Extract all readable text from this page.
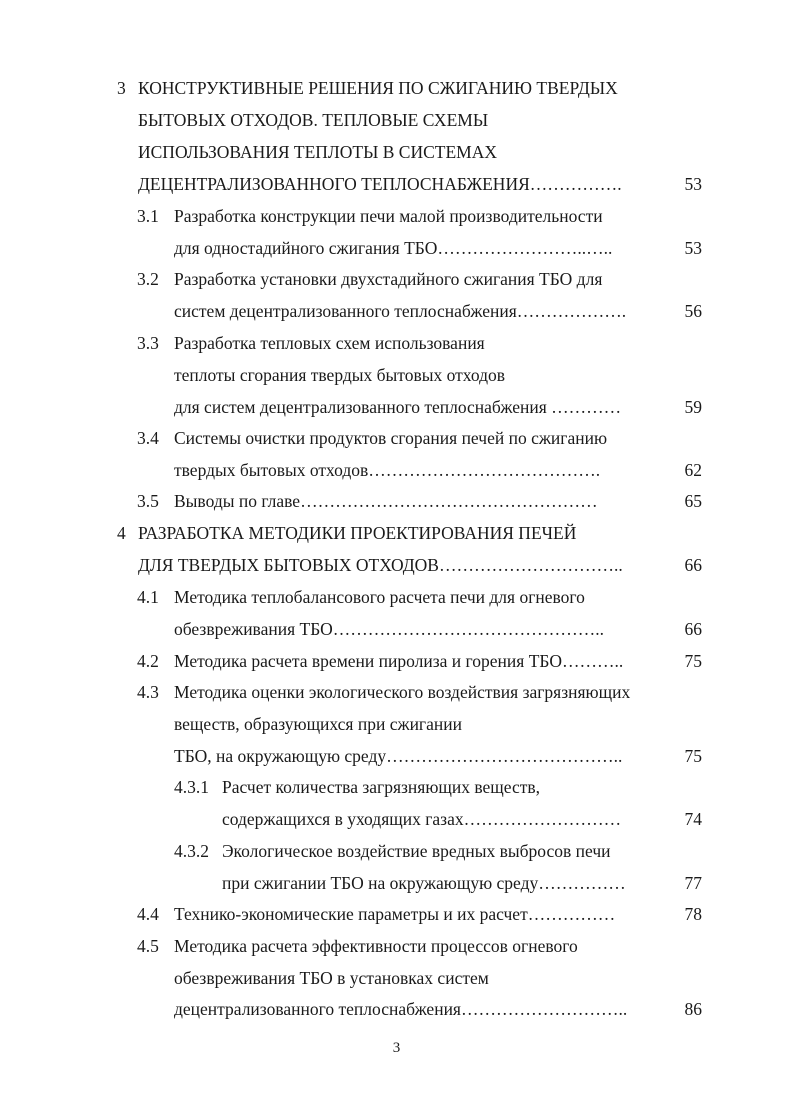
3 КОНСТРУКТИВНЫЕ РЕШЕНИЯ ПО СЖИГАНИЮ ТВЕРДЫХ
БЫТОВЫХ ОТХОДОВ. ТЕПЛОВЫЕ СХЕМЫ
ИСПОЛЬЗОВАНИЯ ТЕПЛОТЫ В СИСТЕМАХ
ДЕЦЕНТРАЛИЗОВАННОГО ТЕПЛОСНАБЖЕНИЯ…………….	53
3.1 Разработка конструкции печи малой производительности
для одностадийного сжигания ТБО……………………..…..	53
3.2 Разработка установки двухстадийного сжигания ТБО для
систем децентрализованного теплоснабжения……………….	56
3.3 Разработка тепловых схем использования
теплоты сгорания твердых бытовых отходов
для систем децентрализованного теплоснабжения …………	59
3.4 Системы очистки продуктов сгорания печей по сжиганию
твердых бытовых отходов………………………………….	62
3.5 Выводы по главе……………………………………………	65
4 РАЗРАБОТКА МЕТОДИКИ ПРОЕКТИРОВАНИЯ ПЕЧЕЙ
ДЛЯ ТВЕРДЫХ БЫТОВЫХ ОТХОДОВ…………………………..	66
4.1 Методика теплобалансового расчета печи для огневого
обезвреживания ТБО………………………………………..	66
4.2 Методика расчета времени пиролиза и горения ТБО………..	75
4.3 Методика оценки экологического воздействия загрязняющих
веществ, образующихся при сжигании
ТБО, на окружающую среду…………………………………..	75
4.3.1 Расчет количества загрязняющих веществ,
содержащихся в уходящих газах………………………	74
4.3.2 Экологическое воздействие вредных выбросов печи
при сжигании ТБО на окружающую среду……………	77
4.4 Технико-экономические параметры и их расчет……………	78
4.5 Методика расчета эффективности процессов огневого
обезвреживания ТБО в установках систем
децентрализованного теплоснабжения………………………..	86
3
